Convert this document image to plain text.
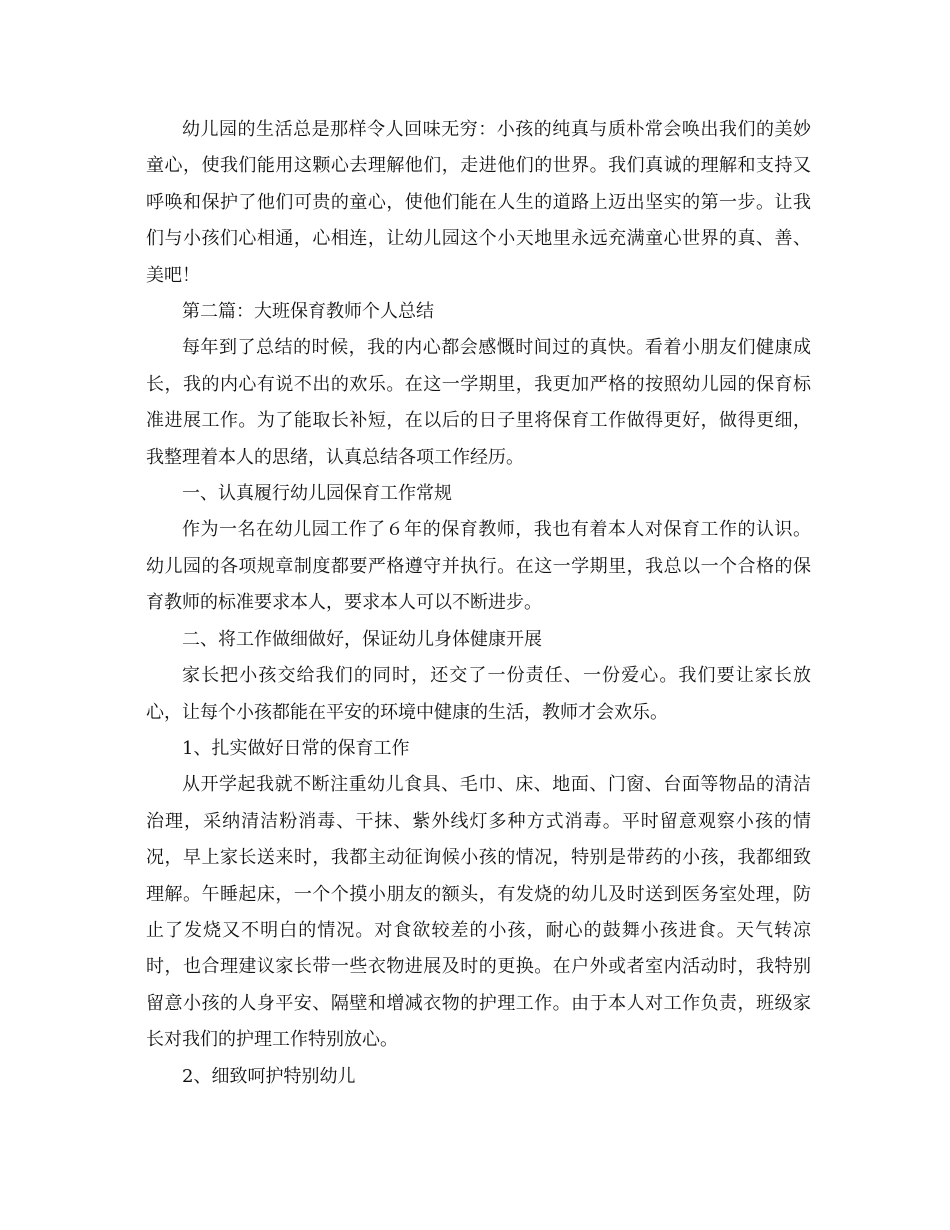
幼儿园的生活总是那样令人回味无穷：小孩的纯真与质朴常会唤出我们的美妙童心，使我们能用这颗心去理解他们，走进他们的世界。我们真诚的理解和支持又呼唤和保护了他们可贵的童心，使他们能在人生的道路上迈出坚实的第一步。让我们与小孩们心相通，心相连，让幼儿园这个小天地里永远充满童心世界的真、善、美吧！

第二篇：大班保育教师个人总结

每年到了总结的时候，我的内心都会感慨时间过的真快。看着小朋友们健康成长，我的内心有说不出的欢乐。在这一学期里，我更加严格的按照幼儿园的保育标准进展工作。为了能取长补短，在以后的日子里将保育工作做得更好，做得更细，我整理着本人的思绪，认真总结各项工作经历。

一、认真履行幼儿园保育工作常规

作为一名在幼儿园工作了６年的保育教师，我也有着本人对保育工作的认识。幼儿园的各项规章制度都要严格遵守并执行。在这一学期里，我总以一个合格的保育教师的标准要求本人，要求本人可以不断进步。

二、将工作做细做好，保证幼儿身体健康开展

家长把小孩交给我们的同时，还交了一份责任、一份爱心。我们要让家长放心，让每个小孩都能在平安的环境中健康的生活，教师才会欢乐。

1、扎实做好日常的保育工作

从开学起我就不断注重幼儿食具、毛巾、床、地面、门窗、台面等物品的清洁治理，采纳清洁粉消毒、干抹、紫外线灯多种方式消毒。平时留意观察小孩的情况，早上家长送来时，我都主动征询候小孩的情况，特别是带药的小孩，我都细致理解。午睡起床，一个个摸小朋友的额头，有发烧的幼儿及时送到医务室处理，防止了发烧又不明白的情况。对食欲较差的小孩，耐心的鼓舞小孩进食。天气转凉时，也合理建议家长带一些衣物进展及时的更换。在户外或者室内活动时，我特别留意小孩的人身平安、隔壁和增减衣物的护理工作。由于本人对工作负责，班级家长对我们的护理工作特别放心。

2、细致呵护特别幼儿
